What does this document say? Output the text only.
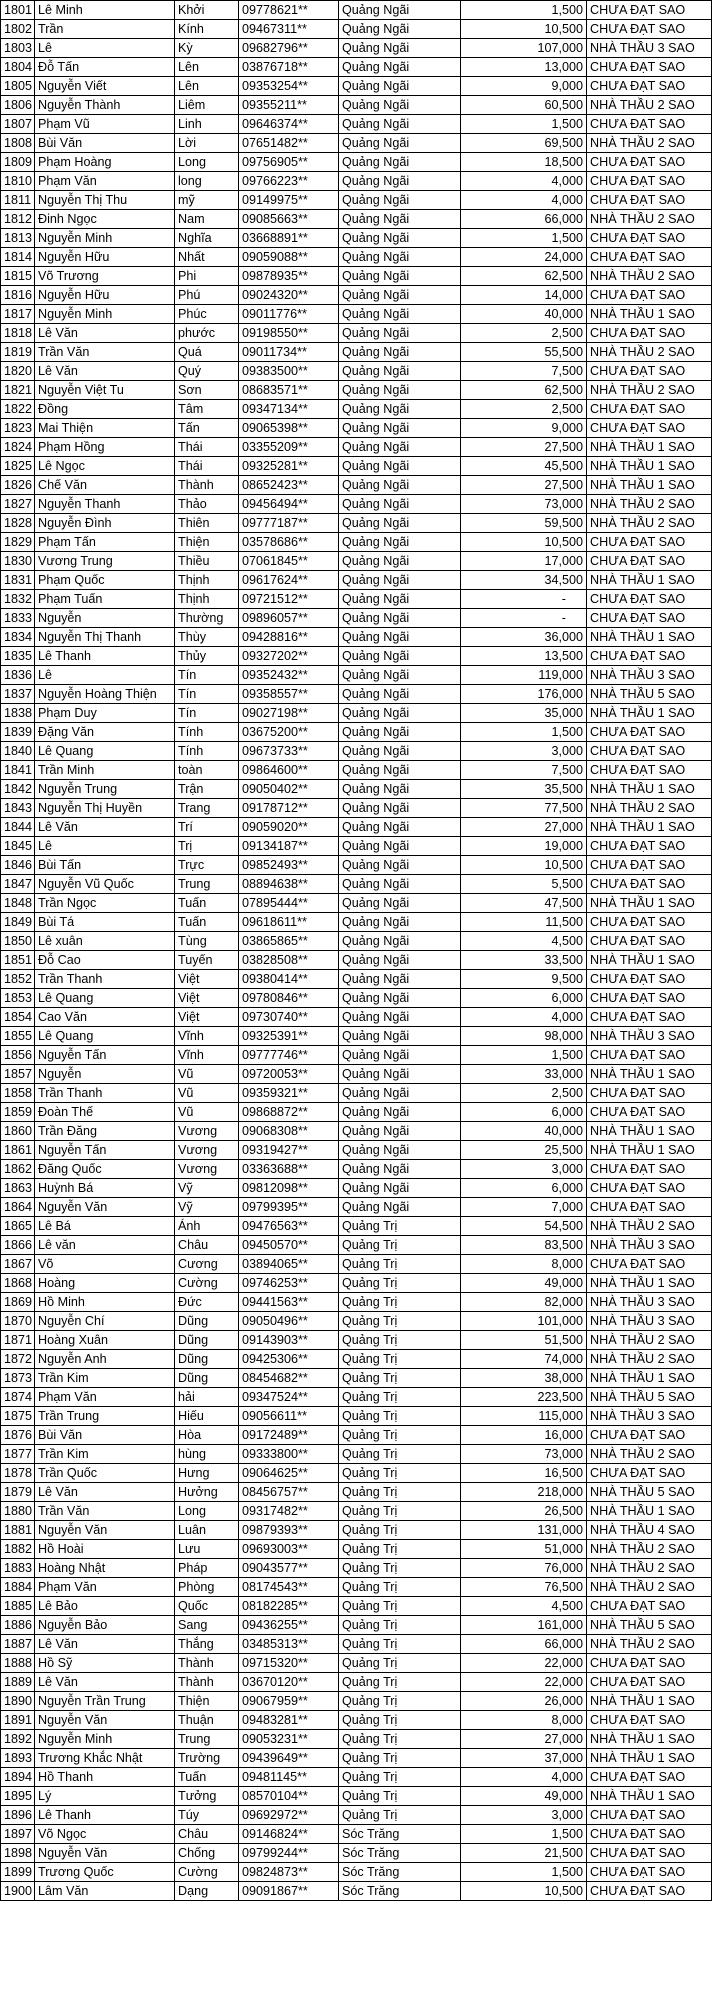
1801	Lê Minh	Khởi	09778621**	Quảng Ngãi	1,500	CHƯA ĐẠT SAO
1802	Trần	Kính	09467311**	Quảng Ngãi	10,500	CHƯA ĐẠT SAO
1803	Lê	Kỳ	09682796**	Quảng Ngãi	107,000	NHÀ THẦU 3 SAO
1804	Đỗ Tấn	Lên	03876718**	Quảng Ngãi	13,000	CHƯA ĐẠT SAO
1805	Nguyễn Viết	Lên	09353254**	Quảng Ngãi	9,000	CHƯA ĐẠT SAO
1806	Nguyễn Thành	Liêm	09355211**	Quảng Ngãi	60,500	NHÀ THẦU 2 SAO
1807	Phạm Vũ	Linh	09646374**	Quảng Ngãi	1,500	CHƯA ĐẠT SAO
1808	Bùi Văn	Lời	07651482**	Quảng Ngãi	69,500	NHÀ THẦU 2 SAO
1809	Phạm Hoàng	Long	09756905**	Quảng Ngãi	18,500	CHƯA ĐẠT SAO
1810	Phạm Văn	long	09766223**	Quảng Ngãi	4,000	CHƯA ĐẠT SAO
1811	Nguyễn Thị Thu	mỹ	09149975**	Quảng Ngãi	4,000	CHƯA ĐẠT SAO
1812	Đinh Ngọc	Nam	09085663**	Quảng Ngãi	66,000	NHÀ THẦU 2 SAO
1813	Nguyễn Minh	Nghĩa	03668891**	Quảng Ngãi	1,500	CHƯA ĐẠT SAO
1814	Nguyễn Hữu	Nhất	09059088**	Quảng Ngãi	24,000	CHƯA ĐẠT SAO
1815	Võ Trương	Phi	09878935**	Quảng Ngãi	62,500	NHÀ THẦU 2 SAO
1816	Nguyễn Hữu	Phú	09024320**	Quảng Ngãi	14,000	CHƯA ĐẠT SAO
1817	Nguyễn Minh	Phúc	09011776**	Quảng Ngãi	40,000	NHÀ THẦU 1 SAO
1818	Lê Văn	phước	09198550**	Quảng Ngãi	2,500	CHƯA ĐẠT SAO
1819	Trần Văn	Quá	09011734**	Quảng Ngãi	55,500	NHÀ THẦU 2 SAO
1820	Lê Văn	Quý	09383500**	Quảng Ngãi	7,500	CHƯA ĐẠT SAO
1821	Nguyễn Việt Tu	Sơn	08683571**	Quảng Ngãi	62,500	NHÀ THẦU 2 SAO
1822	Đồng	Tâm	09347134**	Quảng Ngãi	2,500	CHƯA ĐẠT SAO
1823	Mai Thiện	Tấn	09065398**	Quảng Ngãi	9,000	CHƯA ĐẠT SAO
1824	Phạm Hồng	Thái	03355209**	Quảng Ngãi	27,500	NHÀ THẦU 1 SAO
1825	Lê Ngọc	Thái	09325281**	Quảng Ngãi	45,500	NHÀ THẦU 1 SAO
1826	Chế Văn	Thành	08652423**	Quảng Ngãi	27,500	NHÀ THẦU 1 SAO
1827	Nguyễn Thanh	Thảo	09456494**	Quảng Ngãi	73,000	NHÀ THẦU 2 SAO
1828	Nguyễn Đình	Thiên	09777187**	Quảng Ngãi	59,500	NHÀ THẦU 2 SAO
1829	Phạm Tấn	Thiện	03578686**	Quảng Ngãi	10,500	CHƯA ĐẠT SAO
1830	Vương Trung	Thiều	07061845**	Quảng Ngãi	17,000	CHƯA ĐẠT SAO
1831	Phạm Quốc	Thịnh	09617624**	Quảng Ngãi	34,500	NHÀ THẦU 1 SAO
1832	Phạm Tuấn	Thịnh	09721512**	Quảng Ngãi	-	CHƯA ĐẠT SAO
1833	Nguyễn	Thường	09896057**	Quảng Ngãi	-	CHƯA ĐẠT SAO
1834	Nguyễn Thị Thanh	Thùy	09428816**	Quảng Ngãi	36,000	NHÀ THẦU 1 SAO
1835	Lê Thanh	Thủy	09327202**	Quảng Ngãi	13,500	CHƯA ĐẠT SAO
1836	Lê	Tín	09352432**	Quảng Ngãi	119,000	NHÀ THẦU 3 SAO
1837	Nguyễn Hoàng Thiện	Tín	09358557**	Quảng Ngãi	176,000	NHÀ THẦU 5 SAO
1838	Phạm Duy	Tín	09027198**	Quảng Ngãi	35,000	NHÀ THẦU 1 SAO
1839	Đặng Văn	Tính	03675200**	Quảng Ngãi	1,500	CHƯA ĐẠT SAO
1840	Lê Quang	Tính	09673733**	Quảng Ngãi	3,000	CHƯA ĐẠT SAO
1841	Trần Minh	toàn	09864600**	Quảng Ngãi	7,500	CHƯA ĐẠT SAO
1842	Nguyễn Trung	Trận	09050402**	Quảng Ngãi	35,500	NHÀ THẦU 1 SAO
1843	Nguyễn Thị Huyền	Trang	09178712**	Quảng Ngãi	77,500	NHÀ THẦU 2 SAO
1844	Lê Văn	Trí	09059020**	Quảng Ngãi	27,000	NHÀ THẦU 1 SAO
1845	Lê	Trị	09134187**	Quảng Ngãi	19,000	CHƯA ĐẠT SAO
1846	Bùi Tấn	Trực	09852493**	Quảng Ngãi	10,500	CHƯA ĐẠT SAO
1847	Nguyễn Vũ Quốc	Trung	08894638**	Quảng Ngãi	5,500	CHƯA ĐẠT SAO
1848	Trần Ngọc	Tuấn	07895444**	Quảng Ngãi	47,500	NHÀ THẦU 1 SAO
1849	Bùi Tá	Tuấn	09618611**	Quảng Ngãi	11,500	CHƯA ĐẠT SAO
1850	Lê xuân	Tùng	03865865**	Quảng Ngãi	4,500	CHƯA ĐẠT SAO
1851	Đỗ Cao	Tuyến	03828508**	Quảng Ngãi	33,500	NHÀ THẦU 1 SAO
1852	Trần Thanh	Việt	09380414**	Quảng Ngãi	9,500	CHƯA ĐẠT SAO
1853	Lê Quang	Việt	09780846**	Quảng Ngãi	6,000	CHƯA ĐẠT SAO
1854	Cao Văn	Việt	09730740**	Quảng Ngãi	4,000	CHƯA ĐẠT SAO
1855	Lê Quang	Vĩnh	09325391**	Quảng Ngãi	98,000	NHÀ THẦU 3 SAO
1856	Nguyễn Tấn	Vĩnh	09777746**	Quảng Ngãi	1,500	CHƯA ĐẠT SAO
1857	Nguyễn	Vũ	09720053**	Quảng Ngãi	33,000	NHÀ THẦU 1 SAO
1858	Trần Thanh	Vũ	09359321**	Quảng Ngãi	2,500	CHƯA ĐẠT SAO
1859	Đoàn Thế	Vũ	09868872**	Quảng Ngãi	6,000	CHƯA ĐẠT SAO
1860	Trần Đăng	Vương	09068308**	Quảng Ngãi	40,000	NHÀ THẦU 1 SAO
1861	Nguyễn Tấn	Vương	09319427**	Quảng Ngãi	25,500	NHÀ THẦU 1 SAO
1862	Đăng Quốc	Vương	03363688**	Quảng Ngãi	3,000	CHƯA ĐẠT SAO
1863	Huỳnh Bá	Vỹ	09812098**	Quảng Ngãi	6,000	CHƯA ĐẠT SAO
1864	Nguyễn Văn	Vỹ	09799395**	Quảng Ngãi	7,000	CHƯA ĐẠT SAO
1865	Lê Bá	Ánh	09476563**	Quảng Trị	54,500	NHÀ THẦU 2 SAO
1866	Lê văn	Châu	09450570**	Quảng Trị	83,500	NHÀ THẦU 3 SAO
1867	Võ	Cương	03894065**	Quảng Trị	8,000	CHƯA ĐẠT SAO
1868	Hoàng	Cường	09746253**	Quảng Trị	49,000	NHÀ THẦU 1 SAO
1869	Hồ Minh	Đức	09441563**	Quảng Trị	82,000	NHÀ THẦU 3 SAO
1870	Nguyễn Chí	Dũng	09050496**	Quảng Trị	101,000	NHÀ THẦU 3 SAO
1871	Hoàng Xuân	Dũng	09143903**	Quảng Trị	51,500	NHÀ THẦU 2 SAO
1872	Nguyễn Anh	Dũng	09425306**	Quảng Trị	74,000	NHÀ THẦU 2 SAO
1873	Trần Kim	Dũng	08454682**	Quảng Trị	38,000	NHÀ THẦU 1 SAO
1874	Phạm Văn	hải	09347524**	Quảng Trị	223,500	NHÀ THẦU 5 SAO
1875	Trần Trung	Hiếu	09056611**	Quảng Trị	115,000	NHÀ THẦU 3 SAO
1876	Bùi Văn	Hòa	09172489**	Quảng Trị	16,000	CHƯA ĐẠT SAO
1877	Trần Kim	hùng	09333800**	Quảng Trị	73,000	NHÀ THẦU 2 SAO
1878	Trần Quốc	Hưng	09064625**	Quảng Trị	16,500	CHƯA ĐẠT SAO
1879	Lê Văn	Hưởng	08456757**	Quảng Trị	218,000	NHÀ THẦU 5 SAO
1880	Trần Văn	Long	09317482**	Quảng Trị	26,500	NHÀ THẦU 1 SAO
1881	Nguyễn Văn	Luân	09879393**	Quảng Trị	131,000	NHÀ THẦU 4 SAO
1882	Hồ Hoài	Lưu	09693003**	Quảng Trị	51,000	NHÀ THẦU 2 SAO
1883	Hoàng Nhật	Pháp	09043577**	Quảng Trị	76,000	NHÀ THẦU 2 SAO
1884	Phạm Văn	Phòng	08174543**	Quảng Trị	76,500	NHÀ THẦU 2 SAO
1885	Lê Bảo	Quốc	08182285**	Quảng Trị	4,500	CHƯA ĐẠT SAO
1886	Nguyễn Bảo	Sang	09436255**	Quảng Trị	161,000	NHÀ THẦU 5 SAO
1887	Lê Văn	Thắng	03485313**	Quảng Trị	66,000	NHÀ THẦU 2 SAO
1888	Hồ Sỹ	Thành	09715320**	Quảng Trị	22,000	CHƯA ĐẠT SAO
1889	Lê Văn	Thành	03670120**	Quảng Trị	22,000	CHƯA ĐẠT SAO
1890	Nguyễn Trần Trung	Thiện	09067959**	Quảng Trị	26,000	NHÀ THẦU 1 SAO
1891	Nguyễn Văn	Thuận	09483281**	Quảng Trị	8,000	CHƯA ĐẠT SAO
1892	Nguyễn Minh	Trung	09053231**	Quảng Trị	27,000	NHÀ THẦU 1 SAO
1893	Trương Khắc Nhật	Trường	09439649**	Quảng Trị	37,000	NHÀ THẦU 1 SAO
1894	Hồ Thanh	Tuấn	09481145**	Quảng Trị	4,000	CHƯA ĐẠT SAO
1895	Lý	Tưởng	08570104**	Quảng Trị	49,000	NHÀ THẦU 1 SAO
1896	Lê Thanh	Túy	09692972**	Quảng Trị	3,000	CHƯA ĐẠT SAO
1897	Võ Ngọc	Châu	09146824**	Sóc Trăng	1,500	CHƯA ĐẠT SAO
1898	Nguyễn Văn	Chống	09799244**	Sóc Trăng	21,500	CHƯA ĐẠT SAO
1899	Trương Quốc	Cường	09824873**	Sóc Trăng	1,500	CHƯA ĐẠT SAO
1900	Lâm Văn	Dạng	09091867**	Sóc Trăng	10,500	CHƯA ĐẠT SAO
